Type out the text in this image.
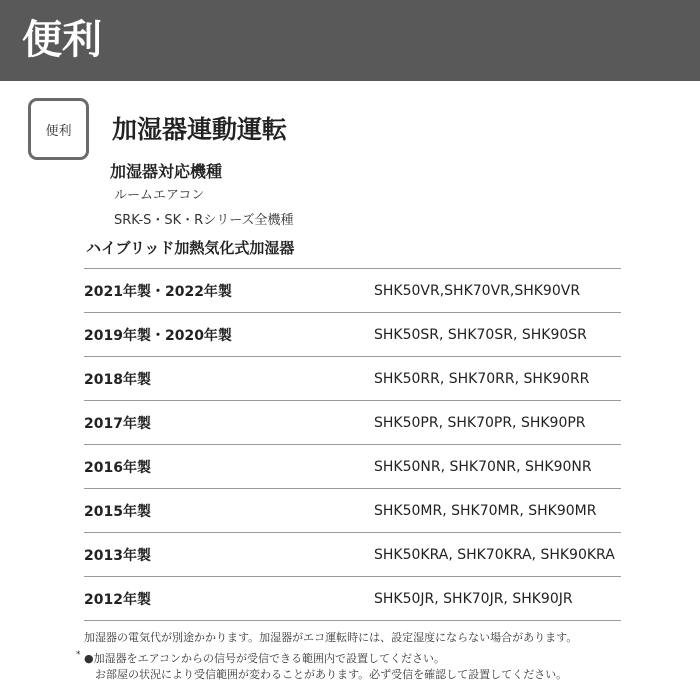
便利
便利	加湿器連動運転

加湿器対応機種

ルームエアコン

SRK-S・SK・Rシリーズ全機種

ハイブリッド加熱気化式加湿器

2021年製・2022年製	SHK50VR,SHK70VR,SHK90VR
2019年製・2020年製	SHK50SR, SHK70SR, SHK90SR
2018年製	SHK50RR, SHK70RR, SHK90RR
2017年製	SHK50PR, SHK70PR, SHK90PR
2016年製	SHK50NR, SHK70NR, SHK90NR
2015年製	SHK50MR, SHK70MR, SHK90MR
2013年製	SHK50KRA, SHK70KRA, SHK90KRA
2012年製	SHK50JR, SHK70JR, SHK90JR

加湿器の電気代が別途かかります。加湿器がエコ運転時には、設定湿度にならない場合があります。

* ●加湿器をエアコンからの信号が受信できる範囲内で設置してください。

お部屋の状況により受信範囲が変わることがあります。必ず受信を確認して設置してください。
